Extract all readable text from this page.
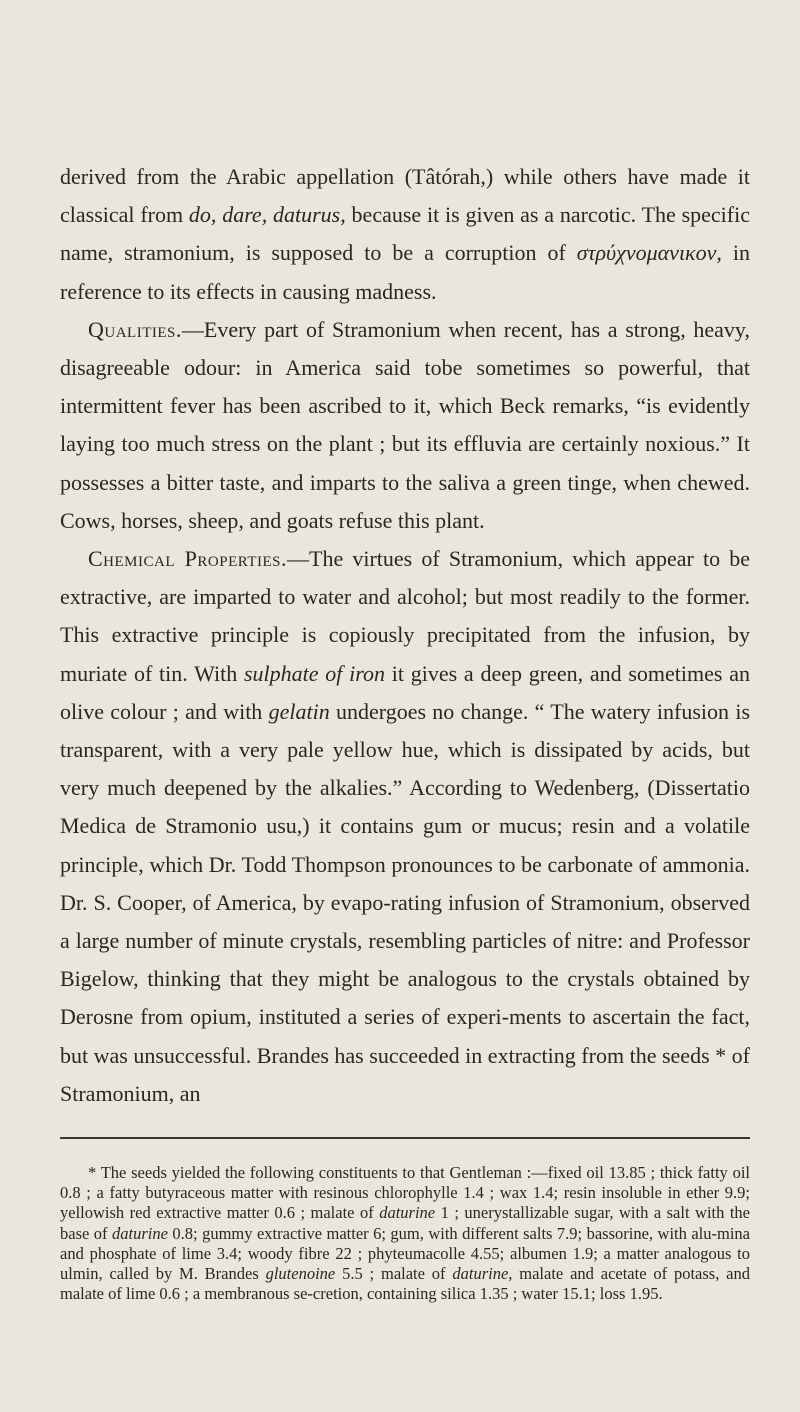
derived from the Arabic appellation (Tâtórah,) while others have made it classical from do, dare, daturus, because it is given as a narcotic. The specific name, stramonium, is supposed to be a corruption of στρύχνομανικον, in reference to its effects in causing madness.

Qualities.—Every part of Stramonium when recent, has a strong, heavy, disagreeable odour: in America said tobe sometimes so powerful, that intermittent fever has been ascribed to it, which Beck remarks, “is evidently laying too much stress on the plant ; but its effluvia are certainly noxious.” It possesses a bitter taste, and imparts to the saliva a green tinge, when chewed. Cows, horses, sheep, and goats refuse this plant.

Chemical Properties.—The virtues of Stramonium, which appear to be extractive, are imparted to water and alcohol; but most readily to the former. This extractive principle is copiously precipitated from the infusion, by muriate of tin. With sulphate of iron it gives a deep green, and sometimes an olive colour ; and with gelatin undergoes no change. “ The watery infusion is transparent, with a very pale yellow hue, which is dissipated by acids, but very much deepened by the alkalies.” According to Wedenberg, (Dissertatio Medica de Stramonio usu,) it contains gum or mucus; resin and a volatile principle, which Dr. Todd Thompson pronounces to be carbonate of ammonia. Dr. S. Cooper, of America, by evapo-rating infusion of Stramonium, observed a large number of minute crystals, resembling particles of nitre: and Professor Bigelow, thinking that they might be analogous to the crystals obtained by Derosne from opium, instituted a series of experi-ments to ascertain the fact, but was unsuccessful. Brandes has succeeded in extracting from the seeds * of Stramonium, an

* The seeds yielded the following constituents to that Gentleman :—fixed oil 13.85 ; thick fatty oil 0.8 ; a fatty butyraceous matter with resinous chlorophylle 1.4 ; wax 1.4; resin insoluble in ether 9.9; yellowish red extractive matter 0.6 ; malate of daturine 1 ; unerystallizable sugar, with a salt with the base of daturine 0.8; gummy extractive matter 6; gum, with different salts 7.9; bassorine, with alu-mina and phosphate of lime 3.4; woody fibre 22 ; phyteumacolle 4.55; albumen 1.9; a matter analogous to ulmin, called by M. Brandes glutenoine 5.5 ; malate of daturine, malate and acetate of potass, and malate of lime 0.6 ; a membranous se-cretion, containing silica 1.35 ; water 15.1; loss 1.95.
